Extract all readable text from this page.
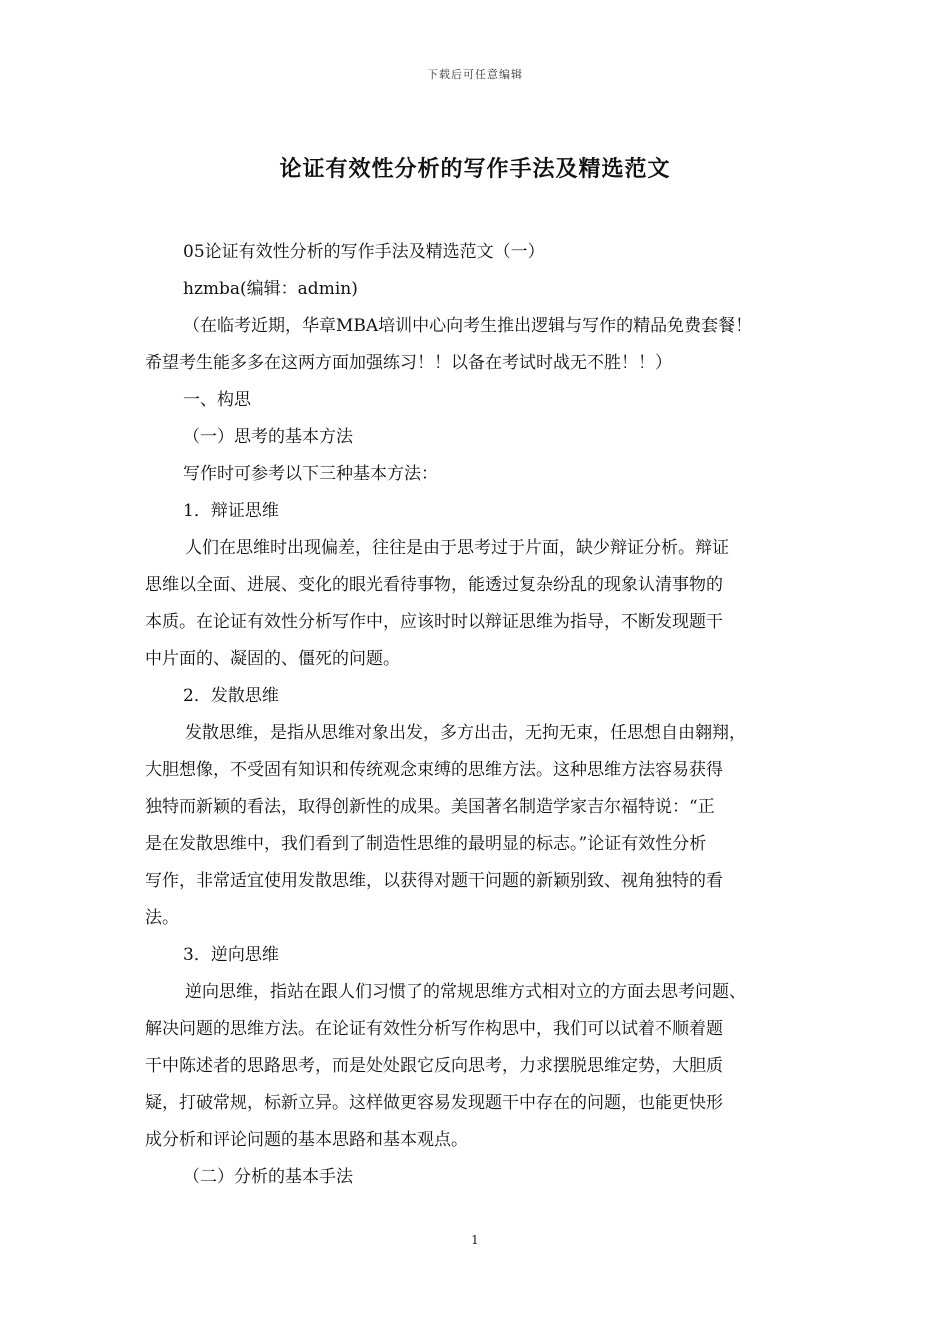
下载后可任意编辑
论证有效性分析的写作手法及精选范文
05论证有效性分析的写作手法及精选范文（一）
hzmba(编辑：admin)
（在临考近期，华章MBA培训中心向考生推出逻辑与写作的精品免费套餐！
希望考生能多多在这两方面加强练习！！以备在考试时战无不胜！！）
一、构思
（一）思考的基本方法
写作时可参考以下三种基本方法：
1．辩证思维
人们在思维时出现偏差，往往是由于思考过于片面，缺少辩证分析。辩证
思维以全面、进展、变化的眼光看待事物，能透过复杂纷乱的现象认清事物的
本质。在论证有效性分析写作中，应该时时以辩证思维为指导，不断发现题干
中片面的、凝固的、僵死的问题。
2．发散思维
发散思维，是指从思维对象出发，多方出击，无拘无束，任思想自由翱翔，
大胆想像，不受固有知识和传统观念束缚的思维方法。这种思维方法容易获得
独特而新颖的看法，取得创新性的成果。美国著名制造学家吉尔福特说：“正
是在发散思维中，我们看到了制造性思维的最明显的标志。”论证有效性分析
写作，非常适宜使用发散思维，以获得对题干问题的新颖别致、视角独特的看
法。
3．逆向思维
逆向思维，指站在跟人们习惯了的常规思维方式相对立的方面去思考问题、
解决问题的思维方法。在论证有效性分析写作构思中，我们可以试着不顺着题
干中陈述者的思路思考，而是处处跟它反向思考，力求摆脱思维定势，大胆质
疑，打破常规，标新立异。这样做更容易发现题干中存在的问题，也能更快形
成分析和评论问题的基本思路和基本观点。
（二）分析的基本手法
1
